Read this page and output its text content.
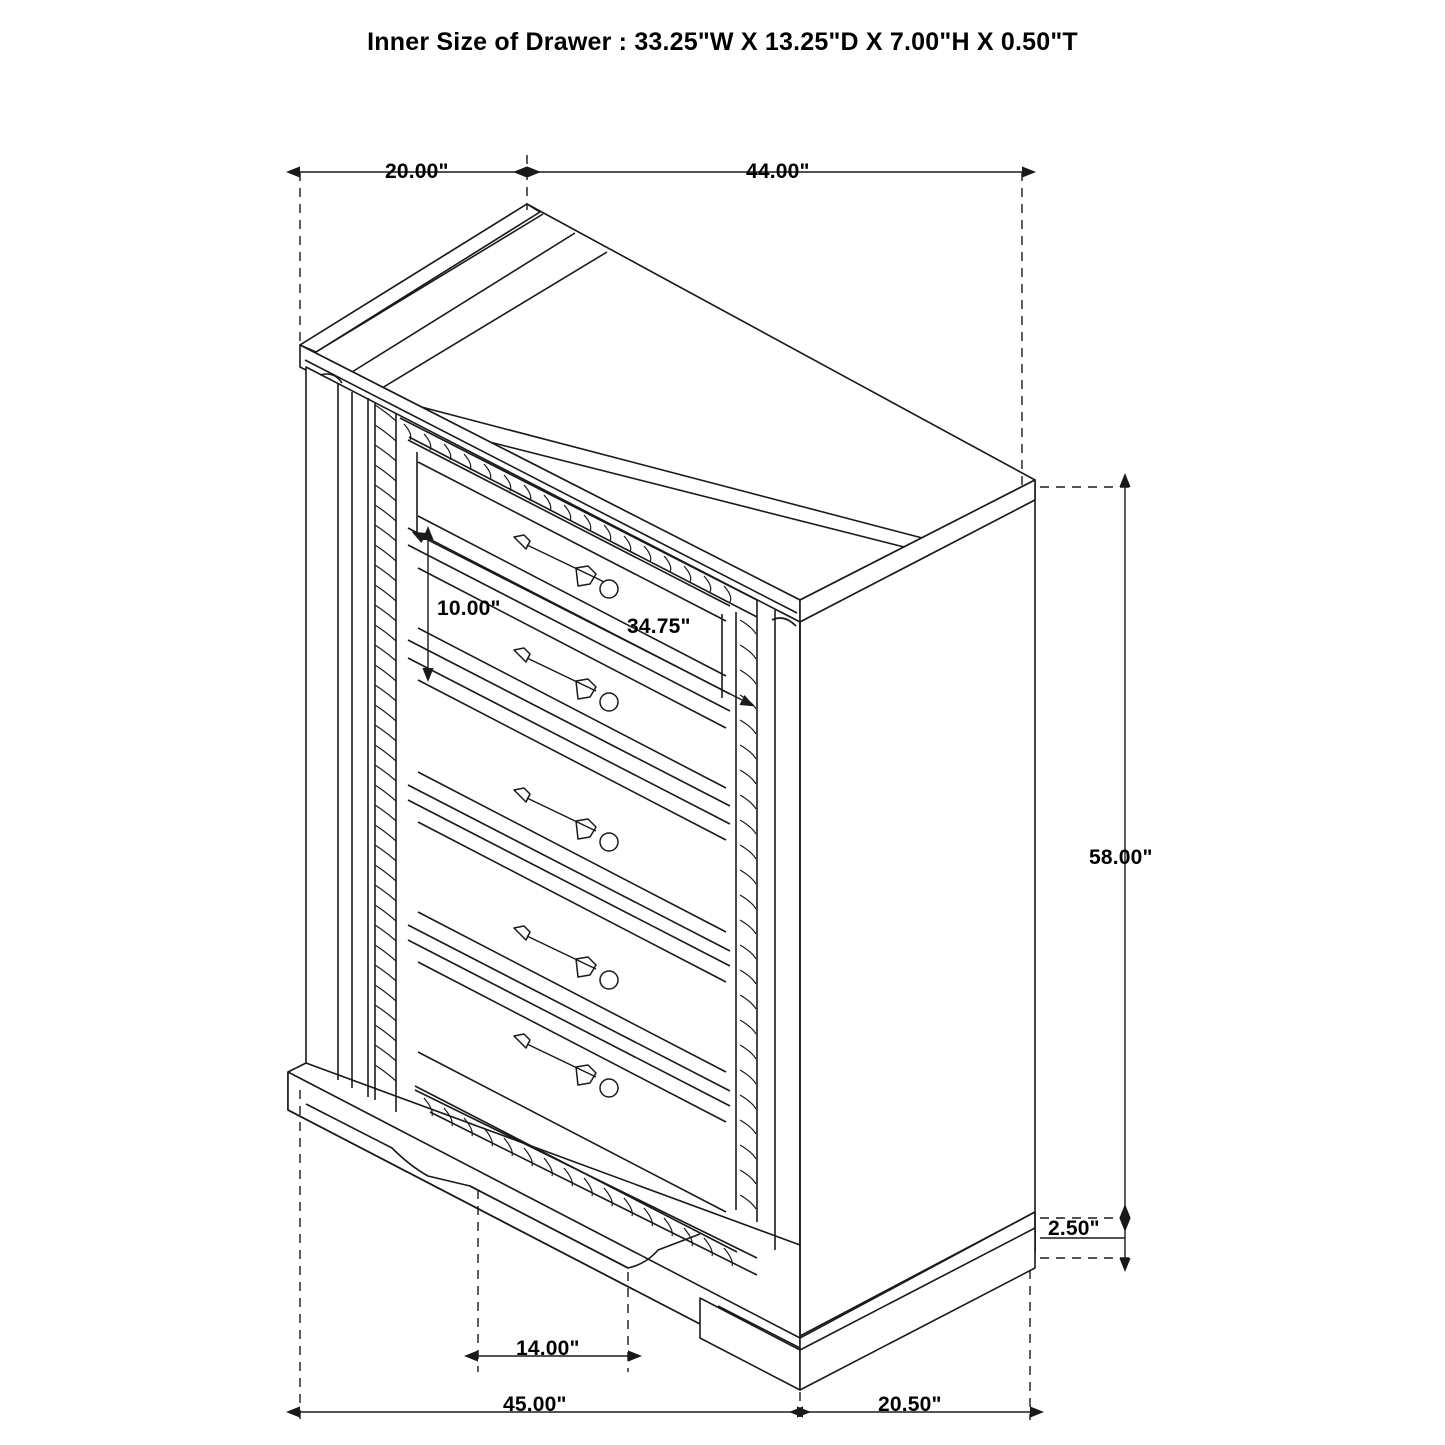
Inner Size of Drawer : 33.25"W X 13.25"D X 7.00"H X 0.50"T
20.00"	44.00"
10.00"
34.75"
58.00"
2.50"
14.00"
45.00"	20.50"
